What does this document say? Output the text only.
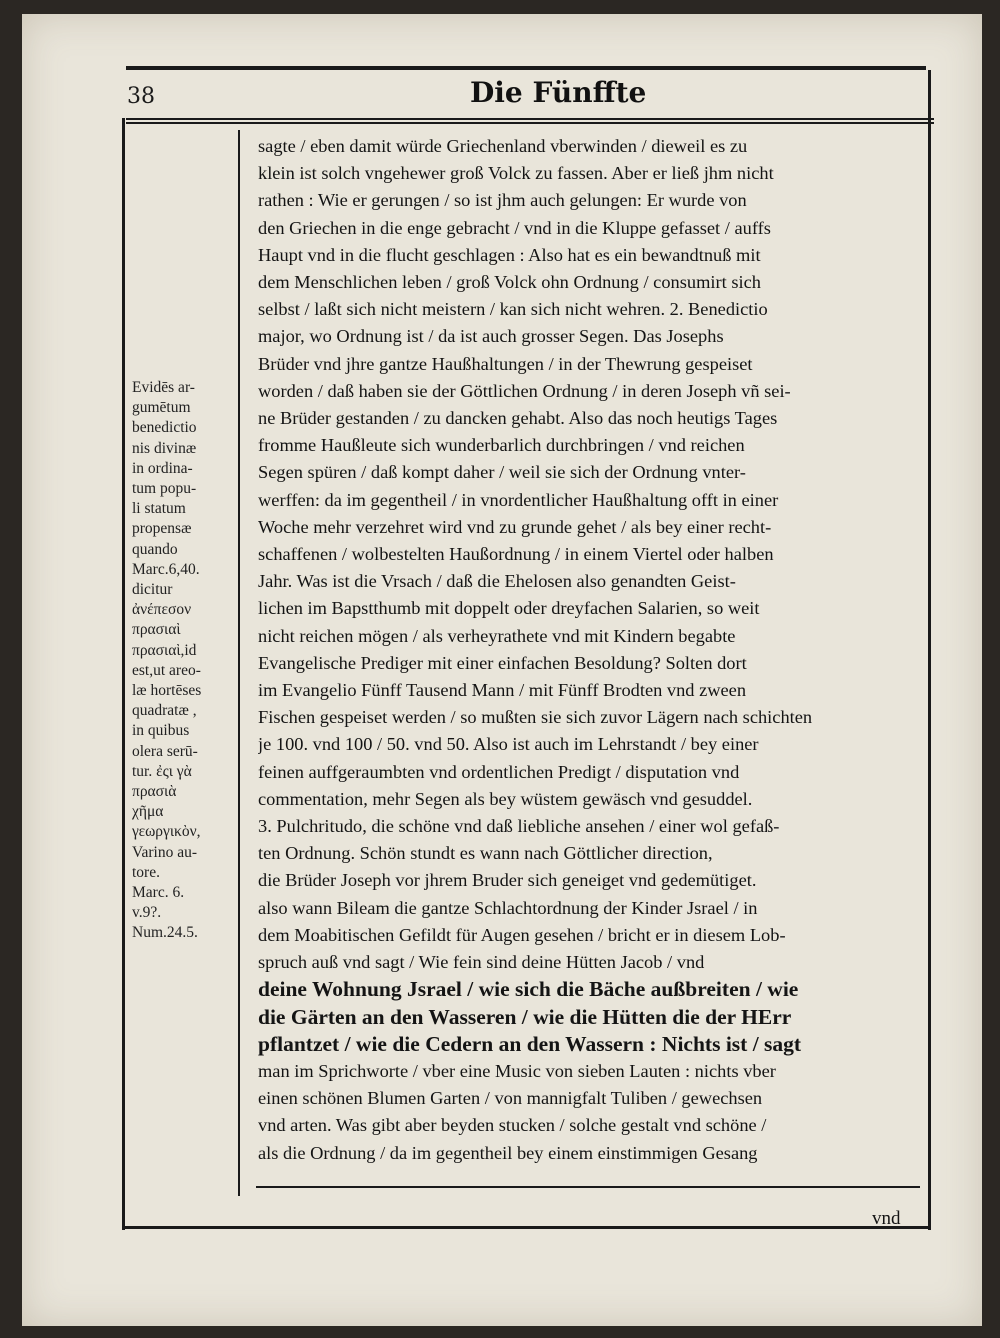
38	Die Fünffte
Evidēs ar-
gumētum
benedictio
nis divinæ
in ordina-
tum popu-
li statum
propensæ
quando
Marc.6,40.
dicitur
ἀνέπεσον
πρασιαὶ
πρασιαὶ,id
est,ut areo-
læ hortēses
quadratæ ,
in quibus
olera serū-
tur. ἐςι γὰ
πρασιὰ
χῆμα
γεωργικὸν,
Varino au-
tore.
Marc. 6.
v.9?.
Num.24.5.
sagte / eben damit würde Griechenland vberwinden / dieweil es zu
klein ist solch vngehewer groß Volck zu fassen. Aber er ließ jhm nicht
rathen : Wie er gerungen / so ist jhm auch gelungen: Er wurde von
den Griechen in die enge gebracht / vnd in die Kluppe gefasset / auffs
Haupt vnd in die flucht geschlagen : Also hat es ein bewandtnuß mit
dem Menschlichen leben / groß Volck ohn Ordnung / consumirt sich
selbst / laßt sich nicht meistern / kan sich nicht wehren. 2. Benedictio
major, wo Ordnung ist / da ist auch grosser Segen. Das Josephs
Brüder vnd jhre gantze Haußhaltungen / in der Thewrung gespeiset
worden / daß haben sie der Göttlichen Ordnung / in deren Joseph vñ sei-
ne Brüder gestanden / zu dancken gehabt. Also das noch heutigs Tages
fromme Haußleute sich wunderbarlich durchbringen / vnd reichen
Segen spüren / daß kompt daher / weil sie sich der Ordnung vnter-
werffen: da im gegentheil / in vnordentlicher Haußhaltung offt in einer
Woche mehr verzehret wird vnd zu grunde gehet / als bey einer recht-
schaffenen / wolbestelten Haußordnung / in einem Viertel oder halben
Jahr. Was ist die Vrsach / daß die Ehelosen also genandten Geist-
lichen im Bapstthumb mit doppelt oder dreyfachen Salarien, so weit
nicht reichen mögen / als verheyrathete vnd mit Kindern begabte
Evangelische Prediger mit einer einfachen Besoldung? Solten dort
im Evangelio Fünff Tausend Mann / mit Fünff Brodten vnd zween
Fischen gespeiset werden / so mußten sie sich zuvor Lägern nach schichten
je 100. vnd 100 / 50. vnd 50. Also ist auch im Lehrstandt / bey einer
feinen auffgeraumbten vnd ordentlichen Predigt / disputation vnd
commentation, mehr Segen als bey wüstem gewäsch vnd gesuddel.
3. Pulchritudo, die schöne vnd daß liebliche ansehen / einer wol gefaß-
ten Ordnung. Schön stundt es wann nach Göttlicher direction,
die Brüder Joseph vor jhrem Bruder sich geneiget vnd gedemütiget.
also wann Bileam die gantze Schlachtordnung der Kinder Jsrael / in
dem Moabitischen Gefildt für Augen gesehen / bricht er in diesem Lob-
spruch auß vnd sagt / Wie fein sind deine Hütten Jacob / vnd
deine Wohnung Jsrael / wie sich die Bäche außbreiten / wie
die Gärten an den Wasseren / wie die Hütten die der HErr
pflantzet / wie die Cedern an den Wassern : Nichts ist / sagt
man im Sprichworte / vber eine Music von sieben Lauten : nichts vber
einen schönen Blumen Garten / von mannigfalt Tuliben / gewechsen
vnd arten. Was gibt aber beyden stucken / solche gestalt vnd schöne /
als die Ordnung / da im gegentheil bey einem einstimmigen Gesang
vnd
